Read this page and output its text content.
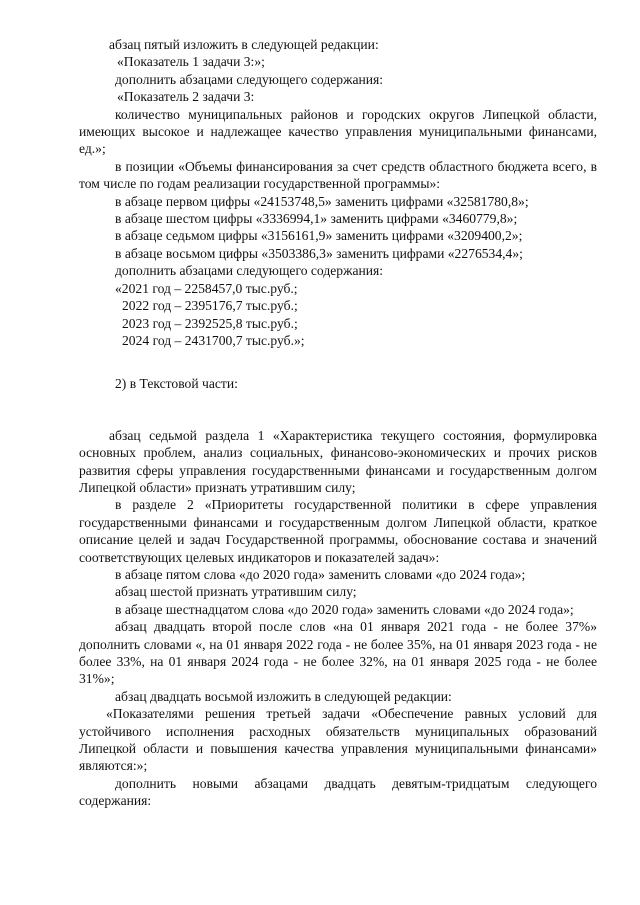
абзац пятый изложить в следующей редакции:

«Показатель 1 задачи 3:»;

дополнить абзацами следующего содержания:

«Показатель 2 задачи 3:

количество муниципальных районов и городских округов Липецкой области, имеющих высокое и надлежащее качество управления муниципальными финансами, ед.»;

в позиции «Объемы финансирования за счет средств областного бюджета всего, в том числе по годам реализации государственной программы»:

в абзаце первом цифры «24153748,5» заменить цифрами «32581780,8»;

в абзаце шестом цифры «3336994,1» заменить цифрами «3460779,8»;

в абзаце седьмом цифры «3156161,9» заменить цифрами «3209400,2»;

в абзаце восьмом цифры «3503386,3» заменить цифрами «2276534,4»;

дополнить абзацами следующего содержания:

«2021 год – 2258457,0 тыс.руб.;

2022 год – 2395176,7 тыс.руб.;

2023 год – 2392525,8 тыс.руб.;

2024 год – 2431700,7 тыс.руб.»;

2) в Текстовой части:

абзац седьмой раздела 1 «Характеристика текущего состояния, формулировка основных проблем, анализ социальных, финансово-экономических и прочих рисков развития сферы управления государственными финансами и государственным долгом Липецкой области» признать утратившим силу;

в разделе 2 «Приоритеты государственной политики в сфере управления государственными финансами и государственным долгом Липецкой области, краткое описание целей и задач Государственной программы, обоснование состава и значений соответствующих целевых индикаторов и показателей задач»:

в абзаце пятом слова «до 2020 года» заменить словами «до 2024 года»;

абзац шестой признать утратившим силу;

в абзаце шестнадцатом слова «до 2020 года» заменить словами «до 2024 года»;

абзац двадцать второй после слов «на 01 января 2021 года - не более 37%» дополнить словами «, на 01 января 2022 года - не более 35%, на 01 января 2023 года - не более 33%, на 01 января 2024 года - не более 32%, на 01 января 2025 года - не более 31%»;

абзац двадцать восьмой изложить в следующей редакции:

«Показателями решения третьей задачи «Обеспечение равных условий для устойчивого исполнения расходных обязательств муниципальных образований Липецкой области и повышения качества управления муниципальными финансами» являются:»;

дополнить новыми абзацами двадцать девятым-тридцатым следующего содержания:
